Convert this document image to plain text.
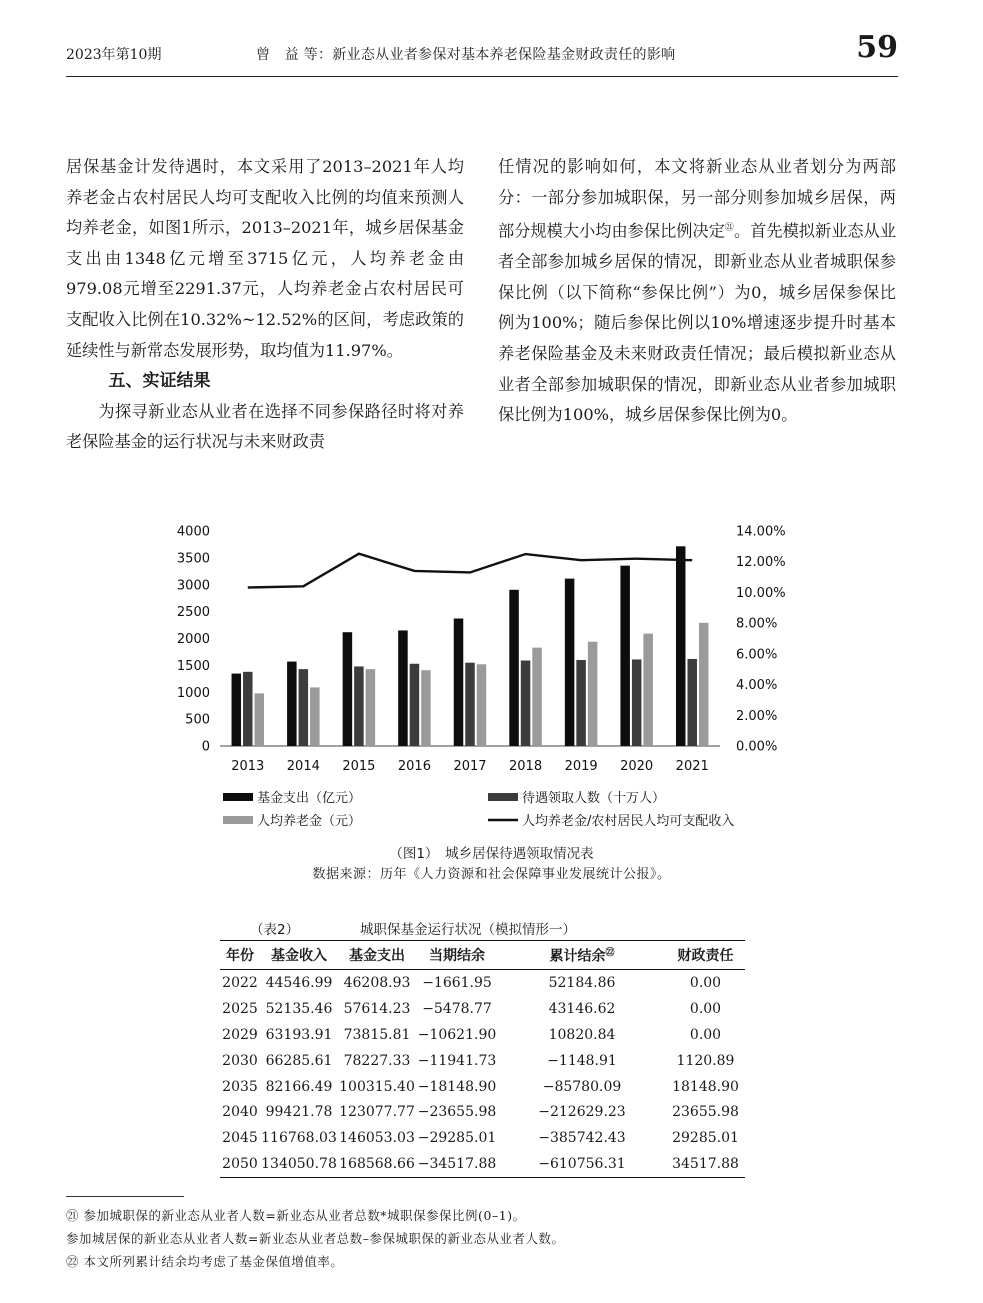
2023年第10期	曾　益 等：新业态从业者参保对基本养老保险基金财政责任的影响	59

居保基金计发待遇时，本文采用了2013–2021年人均养老金占农村居民人均可支配收入比例的均值来预测人均养老金，如图1所示，2013–2021年，城乡居保基金支出由1348亿元增至3715亿元，人均养老金由979.08元增至2291.37元，人均养老金占农村居民可支配收入比例在10.32%~12.52%的区间，考虑政策的延续性与新常态发展形势，取均值为11.97%。

五、实证结果

为探寻新业态从业者在选择不同参保路径时将对养老保险基金的运行状况与未来财政责

任情况的影响如何，本文将新业态从业者划分为两部分：一部分参加城职保，另一部分则参加城乡居保，两部分规模大小均由参保比例决定$^㉑$。首先模拟新业态从业者全部参加城乡居保的情况，即新业态从业者城职保参保比例（以下简称“参保比例”）为0，城乡居保参保比例为100%；随后参保比例以10%增速逐步提升时基本养老保险基金及未来财政责任情况；最后模拟新业态从业者全部参加城职保的情况，即新业态从业者参加城职保比例为100%，城乡居保参保比例为0。

0
500
1000
1500
2000
2500
3000
3500
4000
0.00%
2.00%
4.00%
6.00%
8.00%
10.00%
12.00%
14.00%
2013 2014 2015 2016 2017 2018 2019 2020 2021
基金支出（亿元）	待遇领取人数（十万人）
人均养老金（元）	人均养老金/农村居民人均可支配收入
（图1）　城乡居保待遇领取情况表
数据来源：历年《人力资源和社会保障事业发展统计公报》。
（表2）	城职保基金运行状况（模拟情形一）
年份	基金收入	基金支出	当期结余	累计结余$^㉒$	财政责任
2022	44546.99	46208.93	−1661.95	52184.86	0.00
2025	52135.46	57614.23	−5478.77	43146.62	0.00
2029	63193.91	73815.81	−10621.90	10820.84	0.00
2030	66285.61	78227.33	−11941.73	−1148.91	1120.89
2035	82166.49	100315.40	−18148.90	−85780.09	18148.90
2040	99421.78	123077.77	−23655.98	−212629.23	23655.98
2045	116768.03	146053.03	−29285.01	−385742.43	29285.01
2050	134050.78	168568.66	−34517.88	−610756.31	34517.88
㉑ 参加城职保的新业态从业者人数=新业态从业者总数*城职保参保比例(0–1)。
参加城居保的新业态从业者人数=新业态从业者总数–参保城职保的新业态从业者人数。
㉒ 本文所列累计结余均考虑了基金保值增值率。
